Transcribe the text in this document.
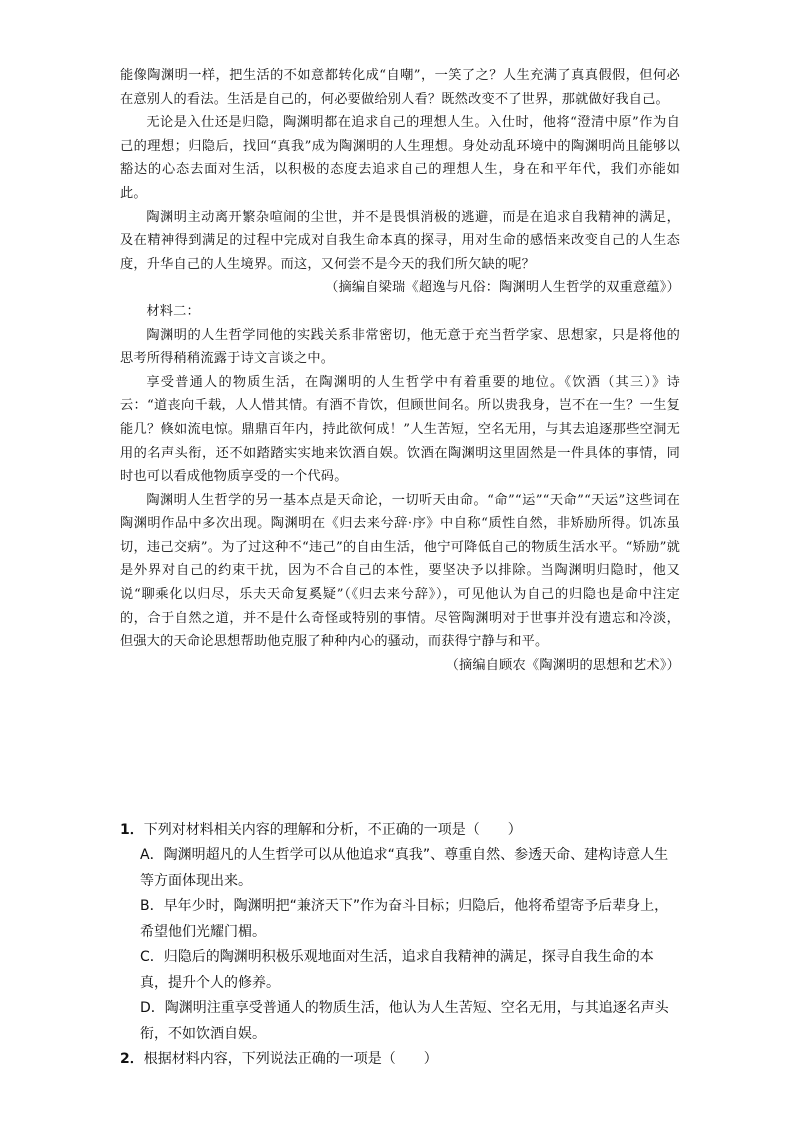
能像陶渊明一样，把生活的不如意都转化成“自嘲”，一笑了之？人生充满了真真假假，但何必在意别人的看法。生活是自己的，何必要做给别人看？既然改变不了世界，那就做好我自己。

无论是入仕还是归隐，陶渊明都在追求自己的理想人生。入仕时，他将“澄清中原”作为自己的理想；归隐后，找回“真我”成为陶渊明的人生理想。身处动乱环境中的陶渊明尚且能够以豁达的心态去面对生活，以积极的态度去追求自己的理想人生，身在和平年代，我们亦能如此。

陶渊明主动离开繁杂喧闹的尘世，并不是畏惧消极的逃避，而是在追求自我精神的满足，及在精神得到满足的过程中完成对自我生命本真的探寻，用对生命的感悟来改变自己的人生态度，升华自己的人生境界。而这，又何尝不是今天的我们所欠缺的呢？

（摘编自梁瑞《超逸与凡俗：陶渊明人生哲学的双重意蕴》）

材料二：

陶渊明的人生哲学同他的实践关系非常密切，他无意于充当哲学家、思想家，只是将他的思考所得稍稍流露于诗文言谈之中。

享受普通人的物质生活，在陶渊明的人生哲学中有着重要的地位。《饮酒（其三）》诗云：“道丧向千载，人人惜其情。有酒不肯饮，但顾世间名。所以贵我身，岂不在一生？一生复能几？倏如流电惊。鼎鼎百年内，持此欲何成！”人生苦短，空名无用，与其去追逐那些空洞无用的名声头衔，还不如踏踏实实地来饮酒自娱。饮酒在陶渊明这里固然是一件具体的事情，同时也可以看成他物质享受的一个代码。

陶渊明人生哲学的另一基本点是天命论，一切听天由命。“命”“运”“天命”“天运”这些词在陶渊明作品中多次出现。陶渊明在《归去来兮辞·序》中自称“质性自然，非矫励所得。饥冻虽切，违己交病”。为了过这种不“违己”的自由生活，他宁可降低自己的物质生活水平。“矫励”就是外界对自己的约束干扰，因为不合自己的本性，要坚决予以排除。当陶渊明归隐时，他又说“聊乘化以归尽，乐夫天命复奚疑”（《归去来兮辞》），可见他认为自己的归隐也是命中注定的，合于自然之道，并不是什么奇怪或特别的事情。尽管陶渊明对于世事并没有遗忘和冷淡，但强大的天命论思想帮助他克服了种种内心的骚动，而获得宁静与和平。

（摘编自顾农《陶渊明的思想和艺术》）

1．下列对材料相关内容的理解和分析，不正确的一项是（　　）

A．陶渊明超凡的人生哲学可以从他追求“真我”、尊重自然、参透天命、建构诗意人生等方面体现出来。

B．早年少时，陶渊明把“兼济天下”作为奋斗目标；归隐后，他将希望寄予后辈身上，希望他们光耀门楣。

C．归隐后的陶渊明积极乐观地面对生活，追求自我精神的满足，探寻自我生命的本真，提升个人的修养。

D．陶渊明注重享受普通人的物质生活，他认为人生苦短、空名无用，与其追逐名声头衔，不如饮酒自娱。

2．根据材料内容，下列说法正确的一项是（　　）
